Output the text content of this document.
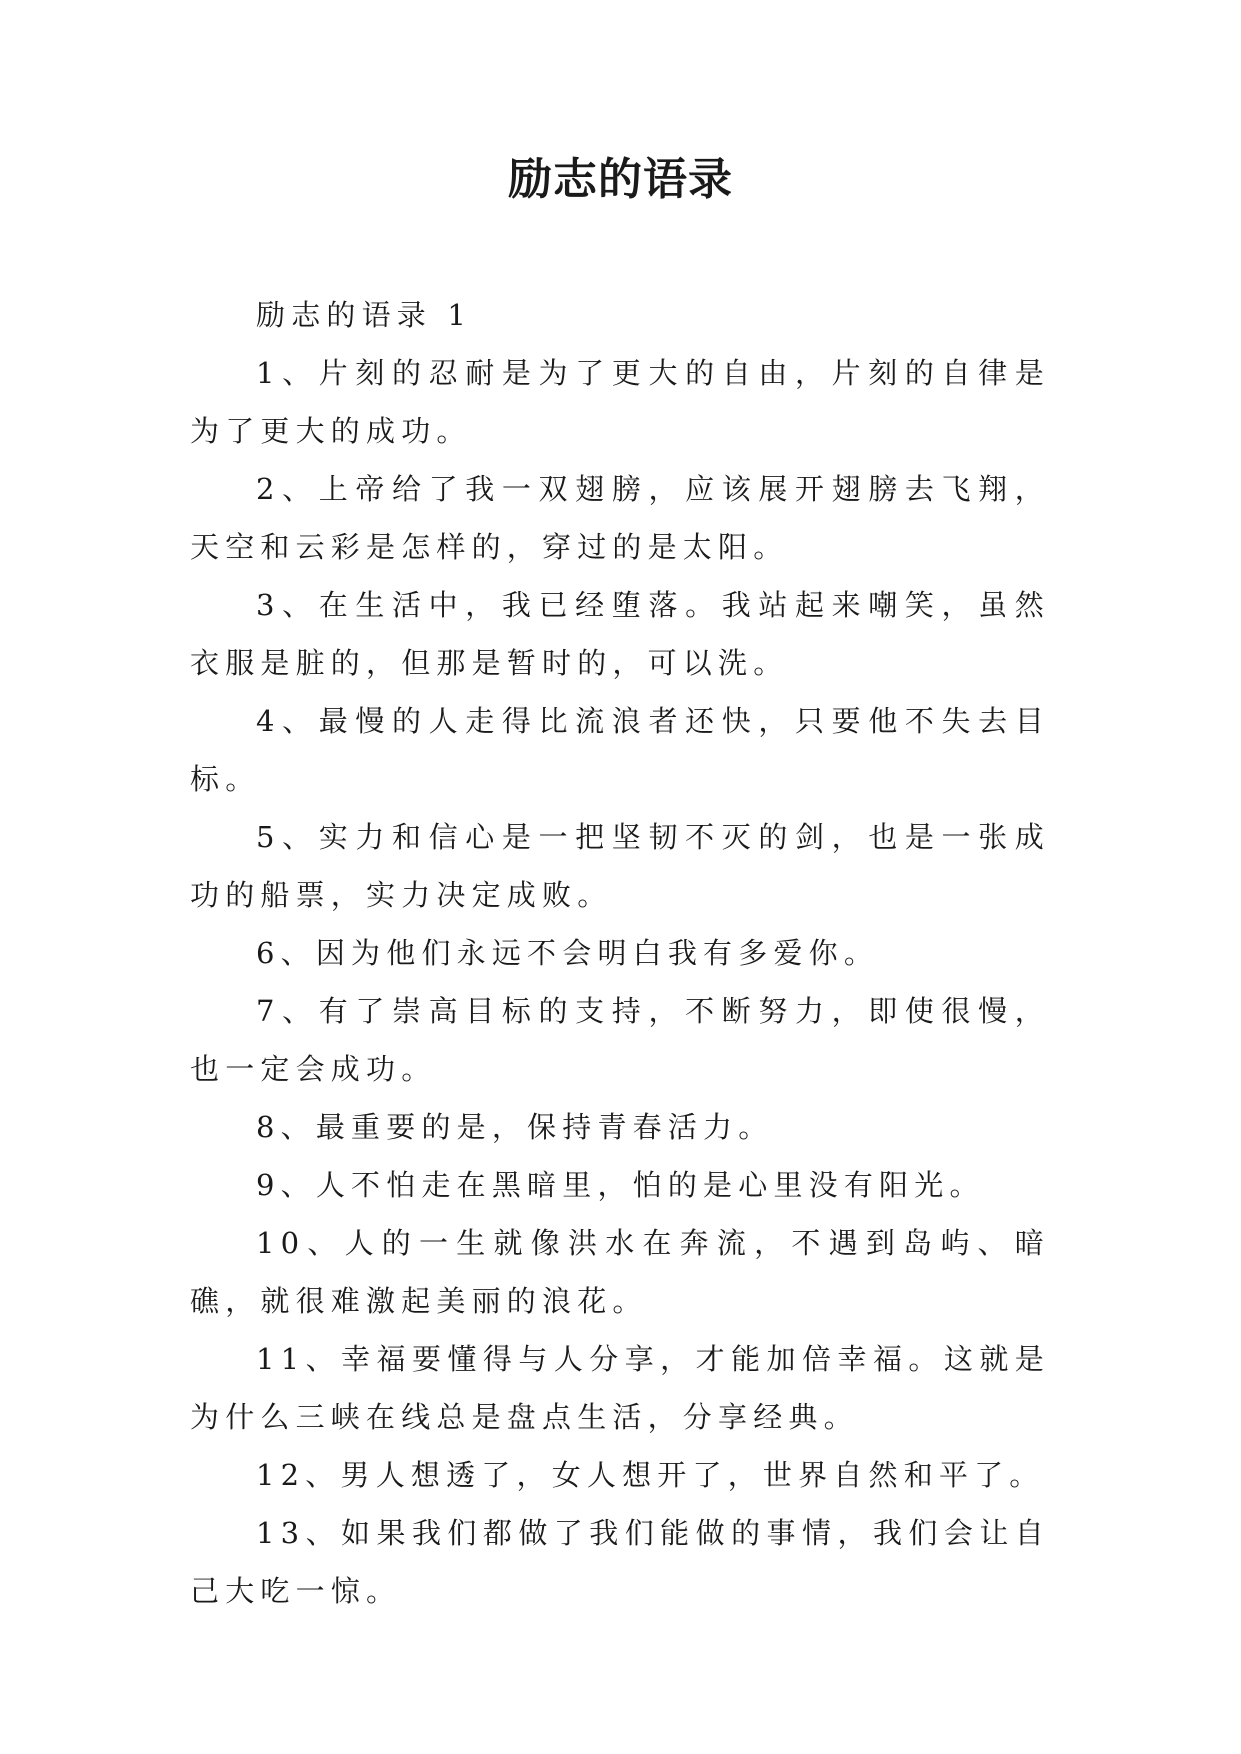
励志的语录

励志的语录 1

1、片刻的忍耐是为了更大的自由，片刻的自律是为了更大的成功。

2、上帝给了我一双翅膀，应该展开翅膀去飞翔，天空和云彩是怎样的，穿过的是太阳。

3、在生活中，我已经堕落。我站起来嘲笑，虽然衣服是脏的，但那是暂时的，可以洗。

4、最慢的人走得比流浪者还快，只要他不失去目标。

5、实力和信心是一把坚韧不灭的剑，也是一张成功的船票，实力决定成败。

6、因为他们永远不会明白我有多爱你。

7、有了崇高目标的支持，不断努力，即使很慢，也一定会成功。

8、最重要的是，保持青春活力。

9、人不怕走在黑暗里，怕的是心里没有阳光。

10、人的一生就像洪水在奔流，不遇到岛屿、暗礁，就很难激起美丽的浪花。

11、幸福要懂得与人分享，才能加倍幸福。这就是为什么三峡在线总是盘点生活，分享经典。

12、男人想透了，女人想开了，世界自然和平了。

13、如果我们都做了我们能做的事情，我们会让自己大吃一惊。
